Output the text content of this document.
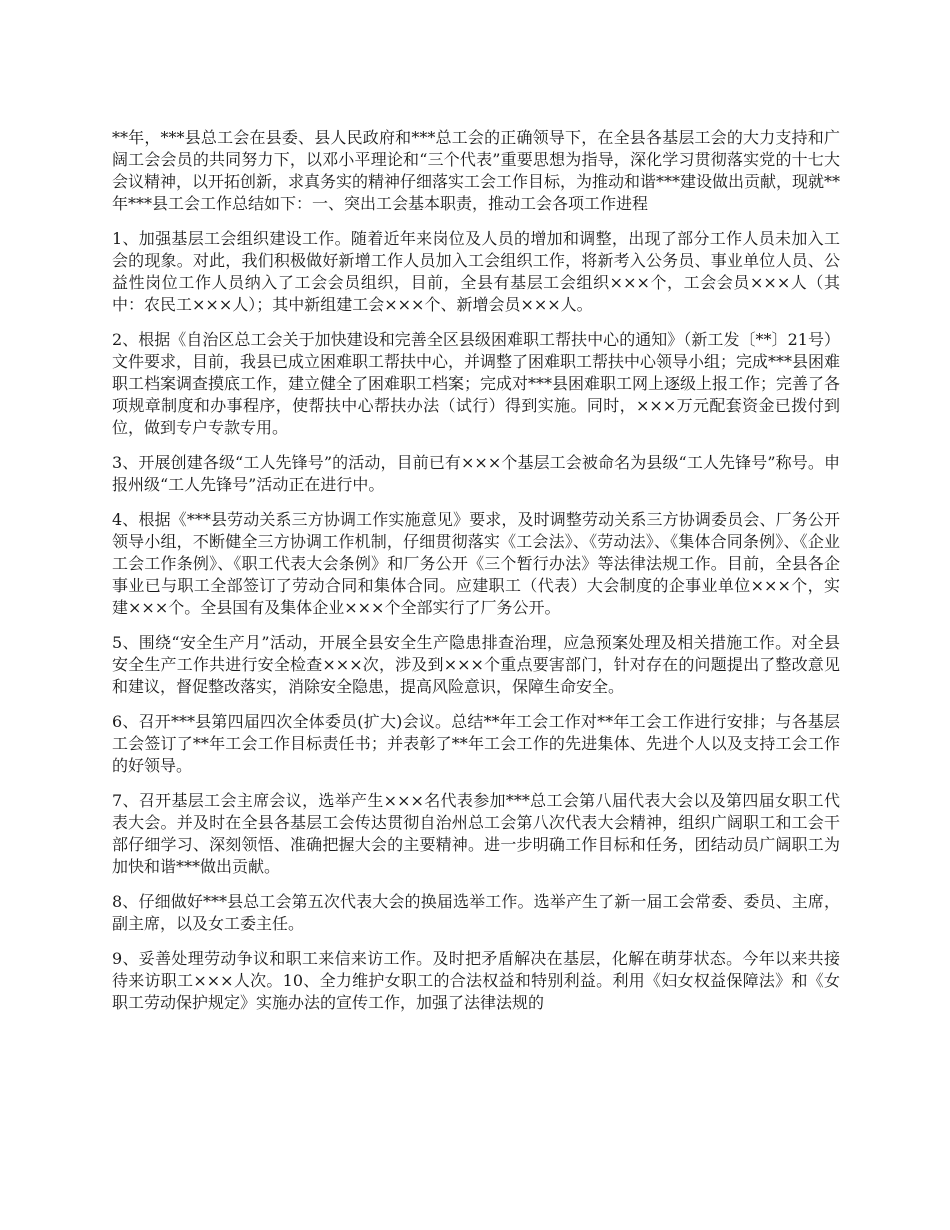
**年，***县总工会在县委、县人民政府和***总工会的正确领导下，在全县各基层工会的大力支持和广阔工会会员的共同努力下，以邓小平理论和“三个代表”重要思想为指导，深化学习贯彻落实党的十七大会议精神，以开拓创新，求真务实的精神仔细落实工会工作目标，为推动和谐***建设做出贡献，现就**年***县工会工作总结如下：一、突出工会基本职责，推动工会各项工作进程

1、加强基层工会组织建设工作。随着近年来岗位及人员的增加和调整，出现了部分工作人员未加入工会的现象。对此，我们积极做好新增工作人员加入工会组织工作，将新考入公务员、事业单位人员、公益性岗位工作人员纳入了工会会员组织，目前，全县有基层工会组织×××个，工会会员×××人（其中：农民工×××人）；其中新组建工会×××个、新增会员×××人。

2、根据《自治区总工会关于加快建设和完善全区县级困难职工帮扶中心的通知》（新工发〔**〕21号）文件要求，目前，我县已成立困难职工帮扶中心，并调整了困难职工帮扶中心领导小组；完成***县困难职工档案调查摸底工作，建立健全了困难职工档案；完成对***县困难职工网上逐级上报工作；完善了各项规章制度和办事程序，使帮扶中心帮扶办法（试行）得到实施。同时，×××万元配套资金已拨付到位，做到专户专款专用。

3、开展创建各级“工人先锋号”的活动，目前已有×××个基层工会被命名为县级“工人先锋号”称号。申报州级“工人先锋号”活动正在进行中。

4、根据《***县劳动关系三方协调工作实施意见》要求，及时调整劳动关系三方协调委员会、厂务公开领导小组，不断健全三方协调工作机制，仔细贯彻落实《工会法》、《劳动法》、《集体合同条例》、《企业工会工作条例》、《职工代表大会条例》和厂务公开《三个暂行办法》等法律法规工作。目前，全县各企事业已与职工全部签订了劳动合同和集体合同。应建职工（代表）大会制度的企事业单位×××个，实建×××个。全县国有及集体企业×××个全部实行了厂务公开。

5、围绕“安全生产月”活动，开展全县安全生产隐患排查治理，应急预案处理及相关措施工作。对全县安全生产工作共进行安全检查×××次，涉及到×××个重点要害部门，针对存在的问题提出了整改意见和建议，督促整改落实，消除安全隐患，提高风险意识，保障生命安全。

6、召开***县第四届四次全体委员(扩大)会议。总结**年工会工作对**年工会工作进行安排；与各基层工会签订了**年工会工作目标责任书；并表彰了**年工会工作的先进集体、先进个人以及支持工会工作的好领导。

7、召开基层工会主席会议，选举产生×××名代表参加***总工会第八届代表大会以及第四届女职工代表大会。并及时在全县各基层工会传达贯彻自治州总工会第八次代表大会精神，组织广阔职工和工会干部仔细学习、深刻领悟、准确把握大会的主要精神。进一步明确工作目标和任务，团结动员广阔职工为加快和谐***做出贡献。

8、仔细做好***县总工会第五次代表大会的换届选举工作。选举产生了新一届工会常委、委员、主席，副主席，以及女工委主任。

9、妥善处理劳动争议和职工来信来访工作。及时把矛盾解决在基层，化解在萌芽状态。今年以来共接待来访职工×××人次。10、全力维护女职工的合法权益和特别利益。利用《妇女权益保障法》和《女职工劳动保护规定》实施办法的宣传工作，加强了法律法规的
